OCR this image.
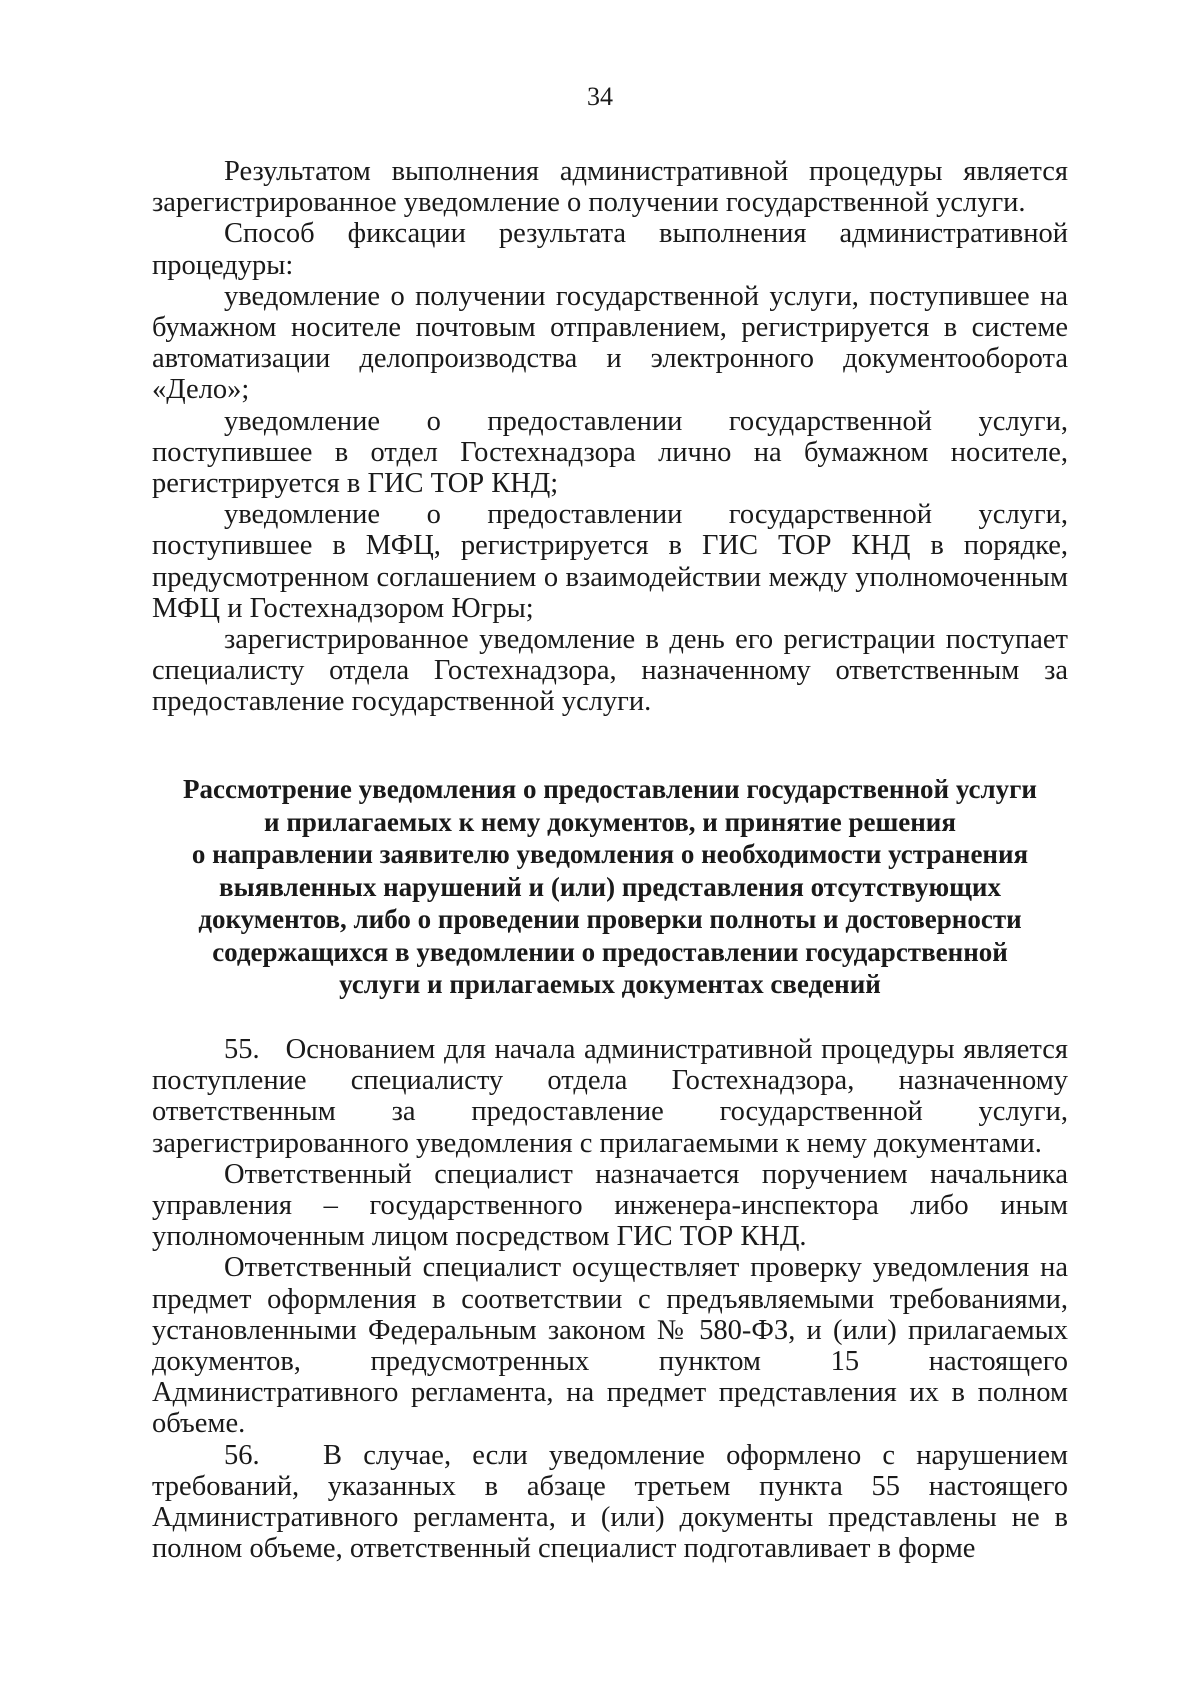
34

Результатом выполнения административной процедуры является зарегистрированное уведомление о получении государственной услуги.

Способ фиксации результата выполнения административной процедуры:

уведомление о получении государственной услуги, поступившее на бумажном носителе почтовым отправлением, регистрируется в системе автоматизации делопроизводства и электронного документооборота «Дело»;

уведомление о предоставлении государственной услуги, поступившее в отдел Гостехнадзора лично на бумажном носителе, регистрируется в ГИС ТОР КНД;

уведомление о предоставлении государственной услуги, поступившее в МФЦ, регистрируется в ГИС ТОР КНД в порядке, предусмотренном соглашением о взаимодействии между уполномоченным МФЦ и Гостехнадзором Югры;

зарегистрированное уведомление в день его регистрации поступает специалисту отдела Гостехнадзора, назначенному ответственным за предоставление государственной услуги.

Рассмотрение уведомления о предоставлении государственной услуги
и прилагаемых к нему документов, и принятие решения
о направлении заявителю уведомления о необходимости устранения
выявленных нарушений и (или) представления отсутствующих
документов, либо о проведении проверки полноты и достоверности
содержащихся в уведомлении о предоставлении государственной
услуги и прилагаемых документах сведений

55.   Основанием для начала административной процедуры является поступление специалисту отдела Гостехнадзора, назначенному ответственным за предоставление государственной услуги, зарегистрированного уведомления с прилагаемыми к нему документами.

Ответственный специалист назначается поручением начальника управления – государственного инженера-инспектора либо иным уполномоченным лицом посредством ГИС ТОР КНД.

Ответственный специалист осуществляет проверку уведомления на предмет оформления в соответствии с предъявляемыми требованиями, установленными Федеральным законом № 580-ФЗ, и (или) прилагаемых документов, предусмотренных пунктом 15 настоящего Административного регламента, на предмет представления их в полном объеме.

56.   В случае, если уведомление оформлено с нарушением требований, указанных в абзаце третьем пункта 55 настоящего Административного регламента, и (или) документы представлены не в полном объеме, ответственный специалист подготавливает в форме
